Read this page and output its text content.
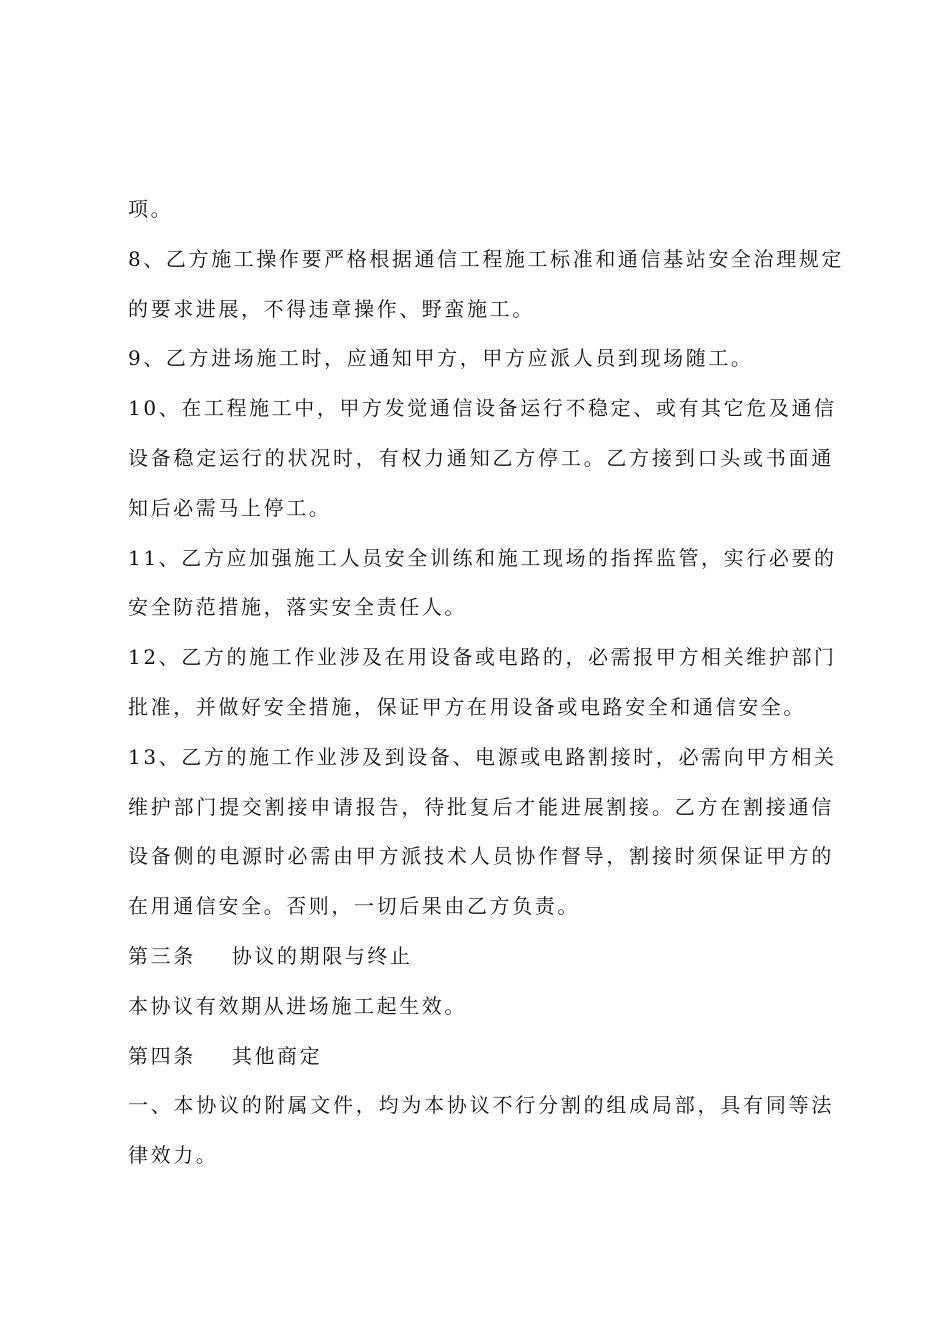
项。
8、乙方施工操作要严格根据通信工程施工标准和通信基站安全治理规定
的要求进展，不得违章操作、野蛮施工。
9、乙方进场施工时，应通知甲方，甲方应派人员到现场随工。
10、在工程施工中，甲方发觉通信设备运行不稳定、或有其它危及通信
设备稳定运行的状况时，有权力通知乙方停工。乙方接到口头或书面通
知后必需马上停工。
11、乙方应加强施工人员安全训练和施工现场的指挥监管，实行必要的
安全防范措施，落实安全责任人。
12、乙方的施工作业涉及在用设备或电路的，必需报甲方相关维护部门
批准，并做好安全措施，保证甲方在用设备或电路安全和通信安全。
13、乙方的施工作业涉及到设备、电源或电路割接时，必需向甲方相关
维护部门提交割接申请报告，待批复后才能进展割接。乙方在割接通信
设备侧的电源时必需由甲方派技术人员协作督导，割接时须保证甲方的
在用通信安全。否则，一切后果由乙方负责。
第三条 协议的期限与终止
本协议有效期从进场施工起生效。
第四条 其他商定
一、本协议的附属文件，均为本协议不行分割的组成局部，具有同等法
律效力。
